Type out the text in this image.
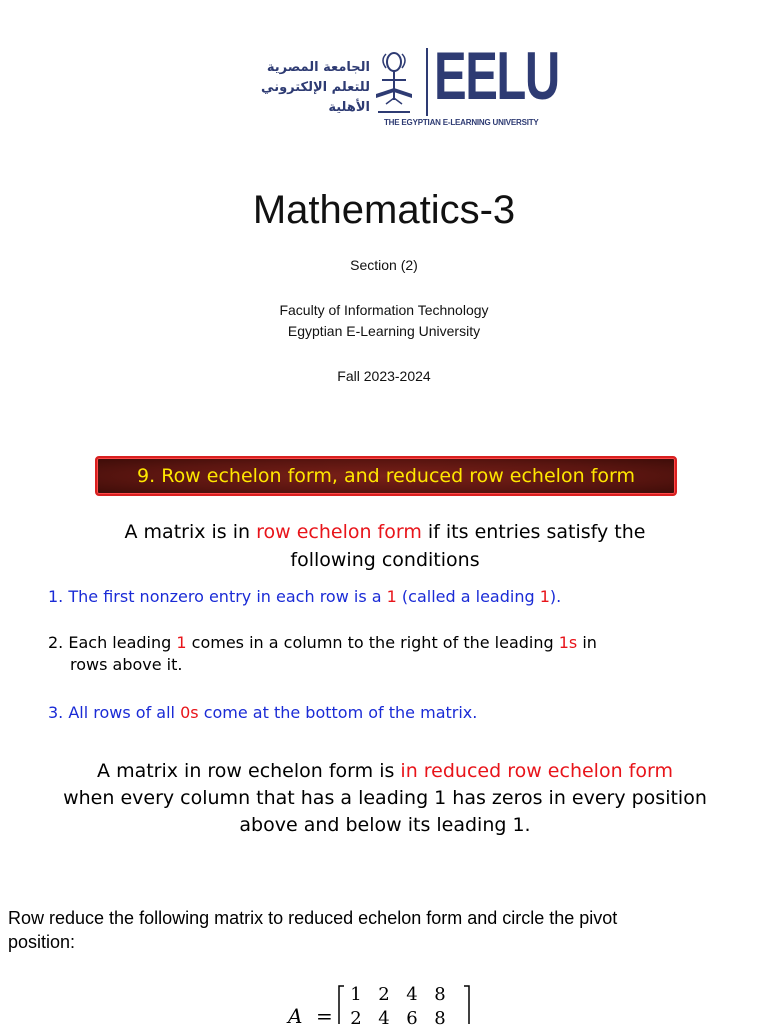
الجامعة المصرية
للتعلم الإلكتروني الأهلية EELU
THE EGYPTIAN E-LEARNING UNIVERSITY
Mathematics-3
Section (2)
Faculty of Information Technology
Egyptian E-Learning University
Fall 2023-2024
9. Row echelon form, and reduced row echelon form
A matrix is in row echelon form if its entries satisfy the
following conditions
1. The first nonzero entry in each row is a 1 (called a leading 1).
2. Each leading 1 comes in a column to the right of the leading 1s in
rows above it.
3. All rows of all 0s come at the bottom of the matrix.
A matrix in row echelon form is in reduced row echelon form
when every column that has a leading 1 has zeros in every position
above and below its leading 1.
Row reduce the following matrix to reduced echelon form and circle the pivot
position:
A =
1 2 4 8
2 4 6 8
